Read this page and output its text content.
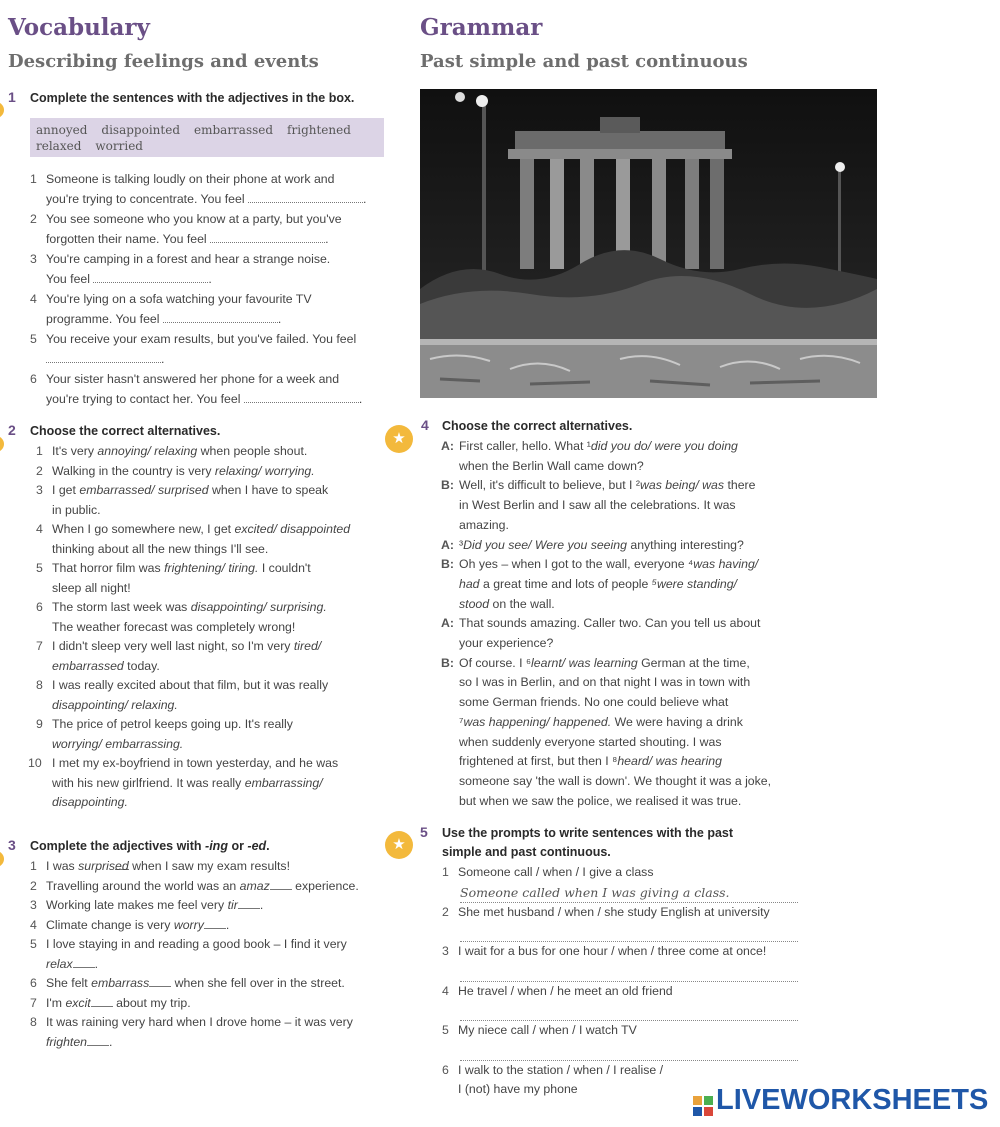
Vocabulary
Describing feelings and events
1 Complete the sentences with the adjectives in the box.
annoyed disappointed embarrassed frightened
relaxed worried
1 Someone is talking loudly on their phone at work and
you're trying to concentrate. You feel	.
2 You see someone who you know at a party, but you've
forgotten their name. You feel	.
3 You're camping in a forest and hear a strange noise.
You feel	.
4 You're lying on a sofa watching your favourite TV
programme. You feel	.
5 You receive your exam results, but you've failed. You feel
.
6 Your sister hasn't answered her phone for a week and
you're trying to contact her. You feel	.
2 Choose the correct alternatives.
1 It's very annoying/ relaxing when people shout.
2 Walking in the country is very relaxing/ worrying.
3 I get embarrassed/ surprised when I have to speak
in public.
4 When I go somewhere new, I get excited/ disappointed
thinking about all the new things I'll see.
5 That horror film was frightening/ tiring. I couldn't
sleep all night!
6 The storm last week was disappointing/ surprising.
The weather forecast was completely wrong!
7 I didn't sleep very well last night, so I'm very tired/
embarrassed today.
8 I was really excited about that film, but it was really
disappointing/ relaxing.
9 The price of petrol keeps going up. It's really
worrying/ embarrassing.
10 I met my ex-boyfriend in town yesterday, and he was
with his new girlfriend. It was really embarrassing/
disappointing.
3 Complete the adjectives with -ing or -ed.
1 I was surprised when I saw my exam results!
2 Travelling around the world was an amaz experience.
3 Working late makes me feel very tir .
4 Climate change is very worry .
5 I love staying in and reading a good book – I find it very
relax .
6 She felt embarrass when she fell over in the street.
7 I'm excit about my trip.
8 It was raining very hard when I drove home – it was very
frighten .
Grammar
Past simple and past continuous
★
4 Choose the correct alternatives.
A: First caller, hello. What ¹did you do/ were you doing
when the Berlin Wall came down?
B: Well, it's difficult to believe, but I ²was being/ was there
in West Berlin and I saw all the celebrations. It was
amazing.
A: ³Did you see/ Were you seeing anything interesting?
B: Oh yes – when I got to the wall, everyone ⁴was having/
had a great time and lots of people ⁵were standing/
stood on the wall.
A: That sounds amazing. Caller two. Can you tell us about
your experience?
B: Of course. I ⁶learnt/ was learning German at the time,
so I was in Berlin, and on that night I was in town with
some German friends. No one could believe what
⁷was happening/ happened. We were having a drink
when suddenly everyone started shouting. I was
frightened at first, but then I ⁸heard/ was hearing
someone say 'the wall is down'. We thought it was a joke,
but when we saw the police, we realised it was true.
★
5 Use the prompts to write sentences with the past
simple and past continuous.
1 Someone call / when / I give a class
Someone called when I was giving a class.
2 She met husband / when / she study English at university
3 I wait for a bus for one hour / when / three come at once!
4 He travel / when / he meet an old friend
5 My niece call / when / I watch TV
6 I walk to the station / when / I realise /
I (not) have my phone	LIVEWORKSHEETS
